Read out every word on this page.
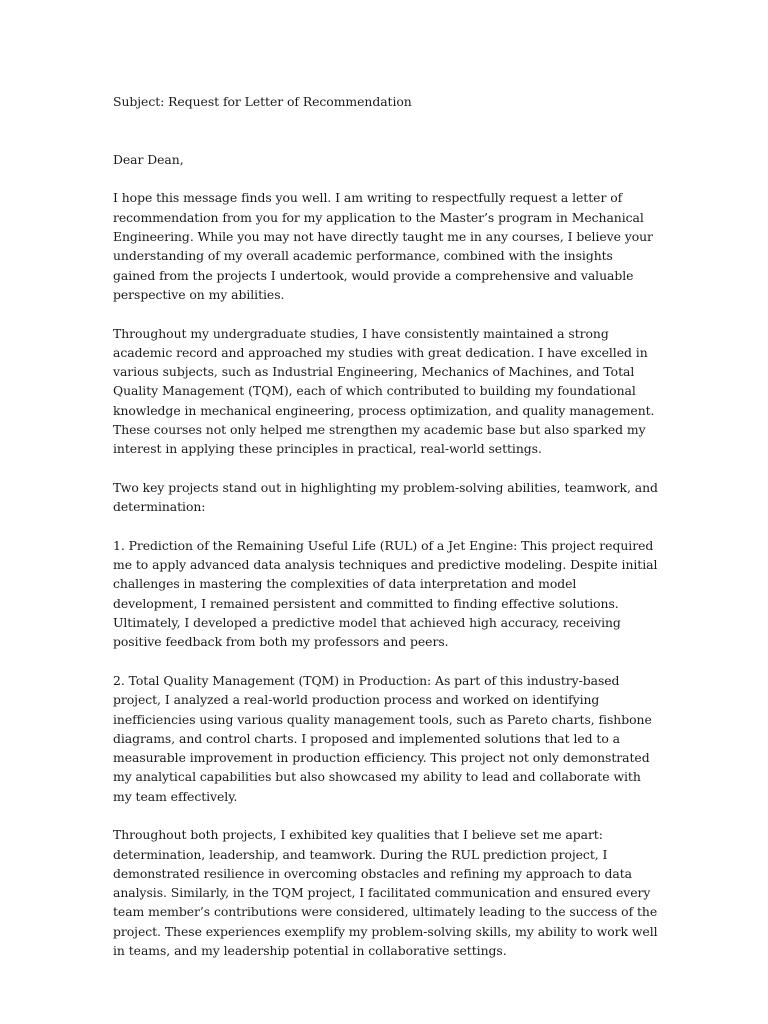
Subject: Request for Letter of Recommendation

Dear Dean,

I hope this message finds you well. I am writing to respectfully request a letter of recommendation from you for my application to the Master’s program in Mechanical Engineering. While you may not have directly taught me in any courses, I believe your understanding of my overall academic performance, combined with the insights gained from the projects I undertook, would provide a comprehensive and valuable perspective on my abilities.

Throughout my undergraduate studies, I have consistently maintained a strong academic record and approached my studies with great dedication. I have excelled in various subjects, such as Industrial Engineering, Mechanics of Machines, and Total Quality Management (TQM), each of which contributed to building my foundational knowledge in mechanical engineering, process optimization, and quality management. These courses not only helped me strengthen my academic base but also sparked my interest in applying these principles in practical, real-world settings.

Two key projects stand out in highlighting my problem-solving abilities, teamwork, and determination:

1. Prediction of the Remaining Useful Life (RUL) of a Jet Engine: This project required me to apply advanced data analysis techniques and predictive modeling. Despite initial challenges in mastering the complexities of data interpretation and model development, I remained persistent and committed to finding effective solutions. Ultimately, I developed a predictive model that achieved high accuracy, receiving positive feedback from both my professors and peers.

2. Total Quality Management (TQM) in Production: As part of this industry-based project, I analyzed a real-world production process and worked on identifying inefficiencies using various quality management tools, such as Pareto charts, fishbone diagrams, and control charts. I proposed and implemented solutions that led to a measurable improvement in production efficiency. This project not only demonstrated my analytical capabilities but also showcased my ability to lead and collaborate with my team effectively.

Throughout both projects, I exhibited key qualities that I believe set me apart: determination, leadership, and teamwork. During the RUL prediction project, I demonstrated resilience in overcoming obstacles and refining my approach to data analysis. Similarly, in the TQM project, I facilitated communication and ensured every team member’s contributions were considered, ultimately leading to the success of the project. These experiences exemplify my problem-solving skills, my ability to work well in teams, and my leadership potential in collaborative settings.
